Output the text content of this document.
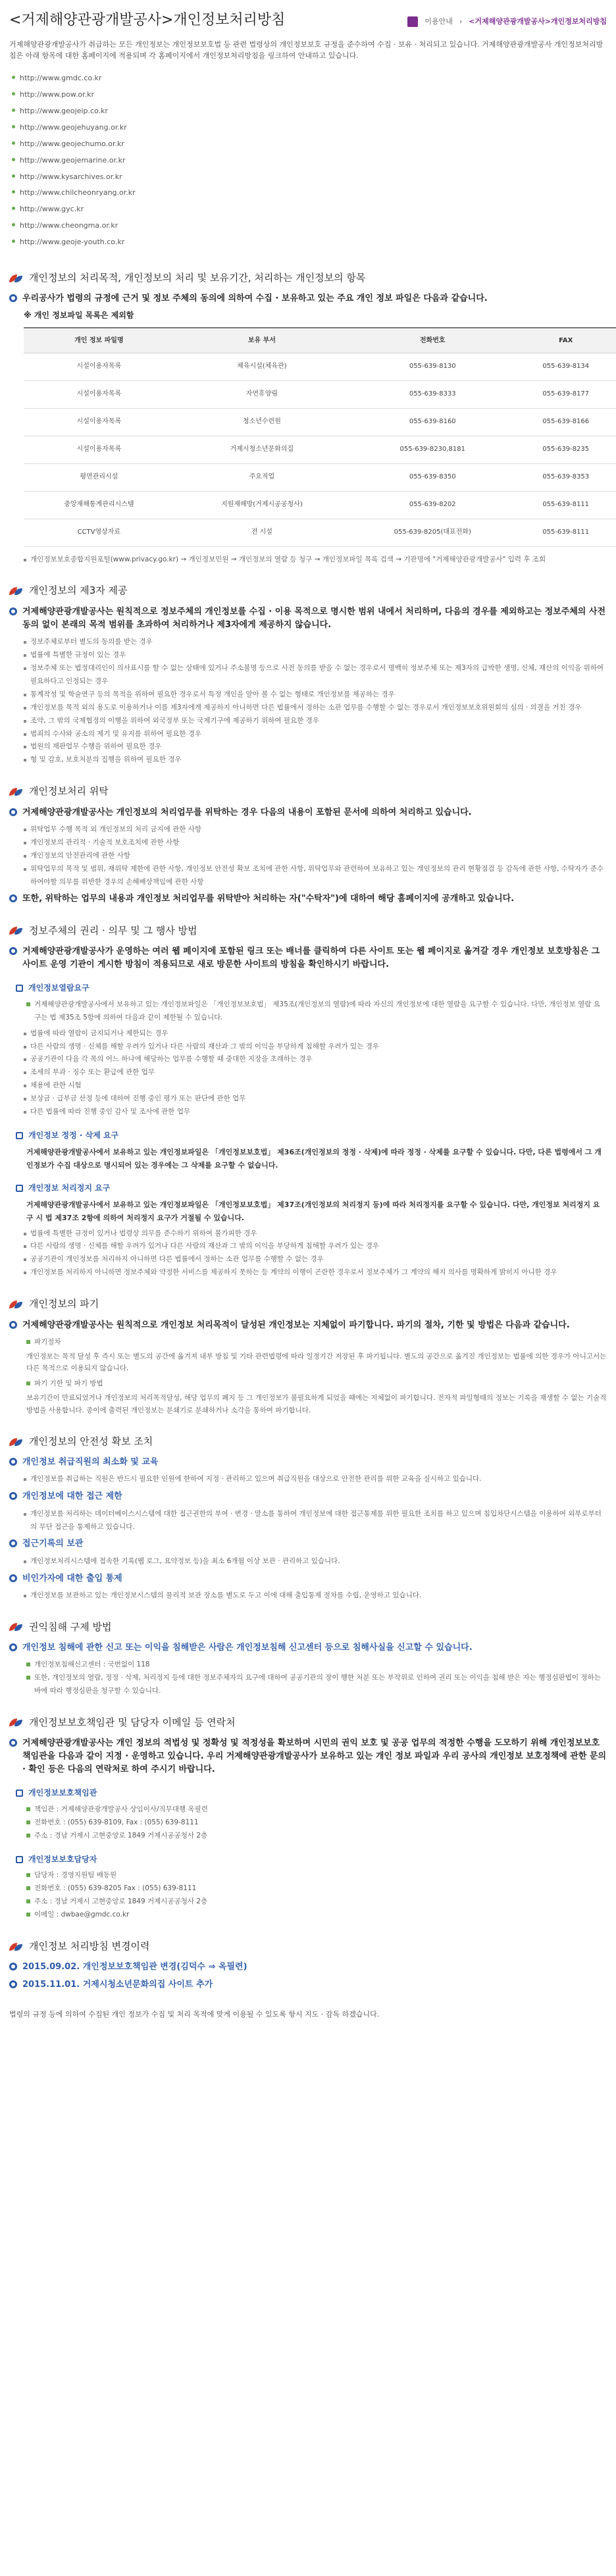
<거제해양관광개발공사>개인정보처리방침	이용안내 › <거제해양관광개발공사>개인정보처리방침

거제해양관광개발공사가 취급하는 모든 개인정보는 개인정보보호법 등 관련 법령상의 개인정보보호 규정을 준수하여 수집 · 보유 · 처리되고 있습니다. 거제해양관광개발공사 개인정보처리방침은 아래 항목에 대한 홈페이지에 적용되며 각 홈페이지에서 개인정보처리방침을 링크하여 안내하고 있습니다.

http://www.gmdc.co.kr
http://www.pow.or.kr
http://www.geojeip.co.kr
http://www.geojehuyang.or.kr
http://www.geojechumo.or.kr
http://www.geojemarine.or.kr
http://www.kysarchives.or.kr
http://www.chilcheonryang.or.kr
http://www.gyc.kr
http://www.cheongma.or.kr
http://www.geoje-youth.co.kr
개인정보의 처리목적, 개인정보의 처리 및 보유기간, 처리하는 개인정보의 항목
우리공사가 법령의 규정에 근거 및 정보 주체의 동의에 의하여 수집 · 보유하고 있는 주요 개인 정보 파일은 다음과 같습니다.
※ 개인 정보파일 목록은 제외함
개인 정보 파일명	보유 부서	전화번호	FAX
시설이용자목록	체육시설(체육관)	055-639-8130	055-639-8134
시설이용자목록	자연휴양림	055-639-8333	055-639-8177
시설이용자목록	청소년수련원	055-639-8160	055-639-8166
시설이용자목록	거제시청소년문화의집	055-639-8230,8181	055-639-8235
평면관리시설	주요직업	055-639-8350	055-639-8353
중앙재해통계관리시스템	지원재해방(거제시공공청사)	055-639-8202	055-639-8111
CCTV영상자료	전 시설	055-639-8205(대표전화)	055-639-8111
개인정보보호종합지원포털(www.privacy.go.kr) → 개인정보민원 → 개인정보의 열람 등 청구 → 개인정보파일 목록 검색 → 기관명에 "거제해양관광개발공사" 입력 후 조회
개인정보의 제3자 제공
거제해양관광개발공사는 원칙적으로 정보주체의 개인정보를 수집 · 이용 목적으로 명시한 범위 내에서 처리하며, 다음의 경우를 제외하고는 정보주체의 사전 동의 없이 본래의 목적 범위를 초과하여 처리하거나 제3자에게 제공하지 않습니다.
정보주체로부터 별도의 동의를 받는 경우
법률에 특별한 규정이 있는 경우
정보주체 또는 법정대리인이 의사표시를 할 수 없는 상태에 있거나 주소불명 등으로 사전 동의를 받을 수 없는 경우로서 명백히 정보주체 또는 제3자의 급박한 생명, 신체, 재산의 이익을 위하여 필요하다고 인정되는 경우
통계작성 및 학술연구 등의 목적을 위하여 필요한 경우로서 특정 개인을 알아 볼 수 없는 형태로 개인정보를 제공하는 경우
개인정보를 목적 외의 용도로 이용하거나 이를 제3자에게 제공하지 아니하면 다른 법률에서 정하는 소관 업무를 수행할 수 없는 경우로서 개인정보보호위원회의 심의 · 의결을 거친 경우
조약, 그 밖의 국제협정의 이행을 위하여 외국정부 또는 국제기구에 제공하기 위하여 필요한 경우
범죄의 수사와 공소의 제기 및 유지를 위하여 필요한 경우
법원의 재판업무 수행을 위하여 필요한 경우
형 및 감호, 보호처분의 집행을 위하여 필요한 경우
개인정보처리 위탁
거제해양관광개발공사는 개인정보의 처리업무를 위탁하는 경우 다음의 내용이 포함된 문서에 의하여 처리하고 있습니다.
위탁업무 수행 목적 외 개인정보의 처리 금지에 관한 사항
개인정보의 관리적 · 기술적 보호조치에 관한 사항
개인정보의 안전관리에 관한 사항
위탁업무의 목적 및 범위, 재위탁 제한에 관한 사항, 개인정보 안전성 확보 조치에 관한 사항, 위탁업무와 관련하여 보유하고 있는 개인정보의 관리 현황점검 등 감독에 관한 사항, 수탁자가 준수하여야할 의무를 위반한 경우의 손해배상책임에 관한 사항
또한, 위탁하는 업무의 내용과 개인정보 처리업무를 위탁받아 처리하는 자("수탁자")에 대하여 해당 홈페이지에 공개하고 있습니다.
정보주체의 권리 · 의무 및 그 행사 방법
거제해양관광개발공사가 운영하는 여러 웹 페이지에 포함된 링크 또는 배너를 클릭하여 다른 사이트 또는 웹 페이지로 옮겨갈 경우 개인정보 보호방침은 그 사이트 운영 기관이 게시한 방침이 적용되므로 새로 방문한 사이트의 방침을 확인하시기 바랍니다.
개인정보열람요구
거제해양관광개발공사에서 보유하고 있는 개인정보파일은 「개인정보보호법」 제35조(개인정보의 열람)에 따라 자신의 개인정보에 대한 열람을 요구할 수 있습니다. 다만, 개인정보 열람 요구는 법 제35조 5항에 의하여 다음과 같이 제한될 수 있습니다.
법률에 따라 열람이 금지되거나 제한되는 경우
다른 사람의 생명 · 신체를 해할 우려가 있거나 다른 사람의 재산과 그 밖의 이익을 부당하게 침해할 우려가 있는 경우
공공기관이 다음 각 목의 어느 하나에 해당하는 업무를 수행할 때 중대한 지장을 초래하는 경우
조세의 부과 · 징수 또는 환급에 관한 업무
채용에 관한 시험
보상금 · 급부금 산정 등에 대하여 진행 중인 평가 또는 판단에 관한 업무
다른 법률에 따라 진행 중인 감사 및 조사에 관한 업무
개인정보 정정 · 삭제 요구
거제해양관광개발공사에서 보유하고 있는 개인정보파일은 「개인정보보호법」 제36조(개인정보의 정정 · 삭제)에 따라 정정 · 삭제를 요구할 수 있습니다. 다만, 다른 법령에서 그 개인정보가 수집 대상으로 명시되어 있는 경우에는 그 삭제를 요구할 수 없습니다.
개인정보 처리정지 요구
거제해양관광개발공사에서 보유하고 있는 개인정보파일은 「개인정보보호법」 제37조(개인정보의 처리정지 등)에 따라 처리정지를 요구할 수 있습니다. 다만, 개인정보 처리정지 요구 시 법 제37조 2항에 의하여 처리정지 요구가 거절될 수 있습니다.
법률에 특별한 규정이 있거나 법령상 의무를 준수하기 위하여 불가피한 경우
다른 사람의 생명 · 신체를 해할 우려가 있거나 다른 사람의 재산과 그 밖의 이익을 부당하게 침해할 우려가 있는 경우
공공기관이 개인정보를 처리하지 아니하면 다른 법률에서 정하는 소관 업무를 수행할 수 없는 경우
개인정보를 처리하지 아니하면 정보주체와 약정한 서비스를 제공하지 못하는 등 계약의 이행이 곤란한 경우로서 정보주체가 그 계약의 해지 의사를 명확하게 밝히지 아니한 경우
개인정보의 파기
거제해양관광개발공사는 원칙적으로 개인정보 처리목적이 달성된 개인정보는 지체없이 파기합니다. 파기의 절차, 기한 및 방법은 다음과 같습니다.
파기절차
개인정보는 목적 달성 후 즉시 또는 별도의 공간에 옮겨져 내부 방침 및 기타 관련법령에 따라 일정기간 저장된 후 파기됩니다. 별도의 공간으로 옮겨진 개인정보는 법률에 의한 경우가 아니고서는 다른 목적으로 이용되지 않습니다.
파기 기한 및 파기 방법
보유기간이 만료되었거나 개인정보의 처리목적달성, 해당 업무의 폐지 등 그 개인정보가 불필요하게 되었을 때에는 지체없이 파기합니다. 전자적 파일형태의 정보는 기록을 재생할 수 없는 기술적 방법을 사용합니다. 종이에 출력된 개인정보는 분쇄기로 분쇄하거나 소각을 통하여 파기합니다.
개인정보의 안전성 확보 조치
개인정보 취급직원의 최소화 및 교육
개인정보를 취급하는 직원은 반드시 필요한 인원에 한하여 지정 · 관리하고 있으며 취급직원을 대상으로 안전한 관리를 위한 교육을 실시하고 있습니다.
개인정보에 대한 접근 제한
개인정보를 처리하는 데이터베이스시스템에 대한 접근권한의 부여 · 변경 · 말소를 통하여 개인정보에 대한 접근통제를 위한 필요한 조치를 하고 있으며 침입차단시스템을 이용하여 외부로부터의 무단 접근을 통제하고 있습니다.
접근기록의 보관
개인정보처리시스템에 접속한 기록(웹 로그, 요약정보 등)을 최소 6개월 이상 보관 · 관리하고 있습니다.
비인가자에 대한 출입 통제
개인정보를 보관하고 있는 개인정보시스템의 물리적 보관 장소를 별도로 두고 이에 대해 출입통제 절차를 수립, 운영하고 있습니다.
권익침해 구제 방법
개인정보 침해에 관한 신고 또는 이익을 침해받은 사람은 개인정보침해 신고센터 등으로 침해사실을 신고할 수 있습니다.
개인정보침해신고센터 : 국번없이 118
또한, 개인정보의 열람, 정정 · 삭제, 처리정지 등에 대한 정보주체자의 요구에 대하여 공공기관의 장이 행한 처분 또는 부작위로 인하여 권리 또는 이익을 침해 받은 자는 행정심판법이 정하는 바에 따라 행정심판을 청구할 수 있습니다.
개인정보보호책임관 및 담당자 이메일 등 연락처
거제해양관광개발공사는 개인 정보의 적법성 및 정확성 및 적정성을 확보하며 시민의 권익 보호 및 공공 업무의 적정한 수행을 도모하기 위해 개인정보보호책임관을 다음과 같이 지정 · 운영하고 있습니다. 우리 거제해양관광개발공사가 보유하고 있는 개인 정보 파일과 우리 공사의 개인정보 보호정책에 관한 문의 · 확인 등은 다음의 연락처로 하여 주시기 바랍니다.
개인정보보호책임관
책임관 : 거제해양관광개발공사 상임이사/직무대행 옥필련
전화번호 : (055) 639-8109, Fax : (055) 639-8111
주소 : 경남 거제시 고현중앙로 1849 거제시공공청사 2층
개인정보보호담당자
담당자 : 경영지원팀 배동원
전화번호 : (055) 639-8205 Fax : (055) 639-8111
주소 : 경남 거제시 고현중앙로 1849 거제시공공청사 2층
이메일 : dwbae@gmdc.co.kr
개인정보 처리방침 변경이력
2015.09.02. 개인정보보호책임관 변경(김덕수 ⇒ 옥필련)
2015.11.01. 거제시청소년문화의집 사이트 추가

법령의 규정 등에 의하여 수집된 개인 정보가 수집 및 처리 목적에 맞게 이용될 수 있도록 항시 지도 · 감독 하겠습니다.
